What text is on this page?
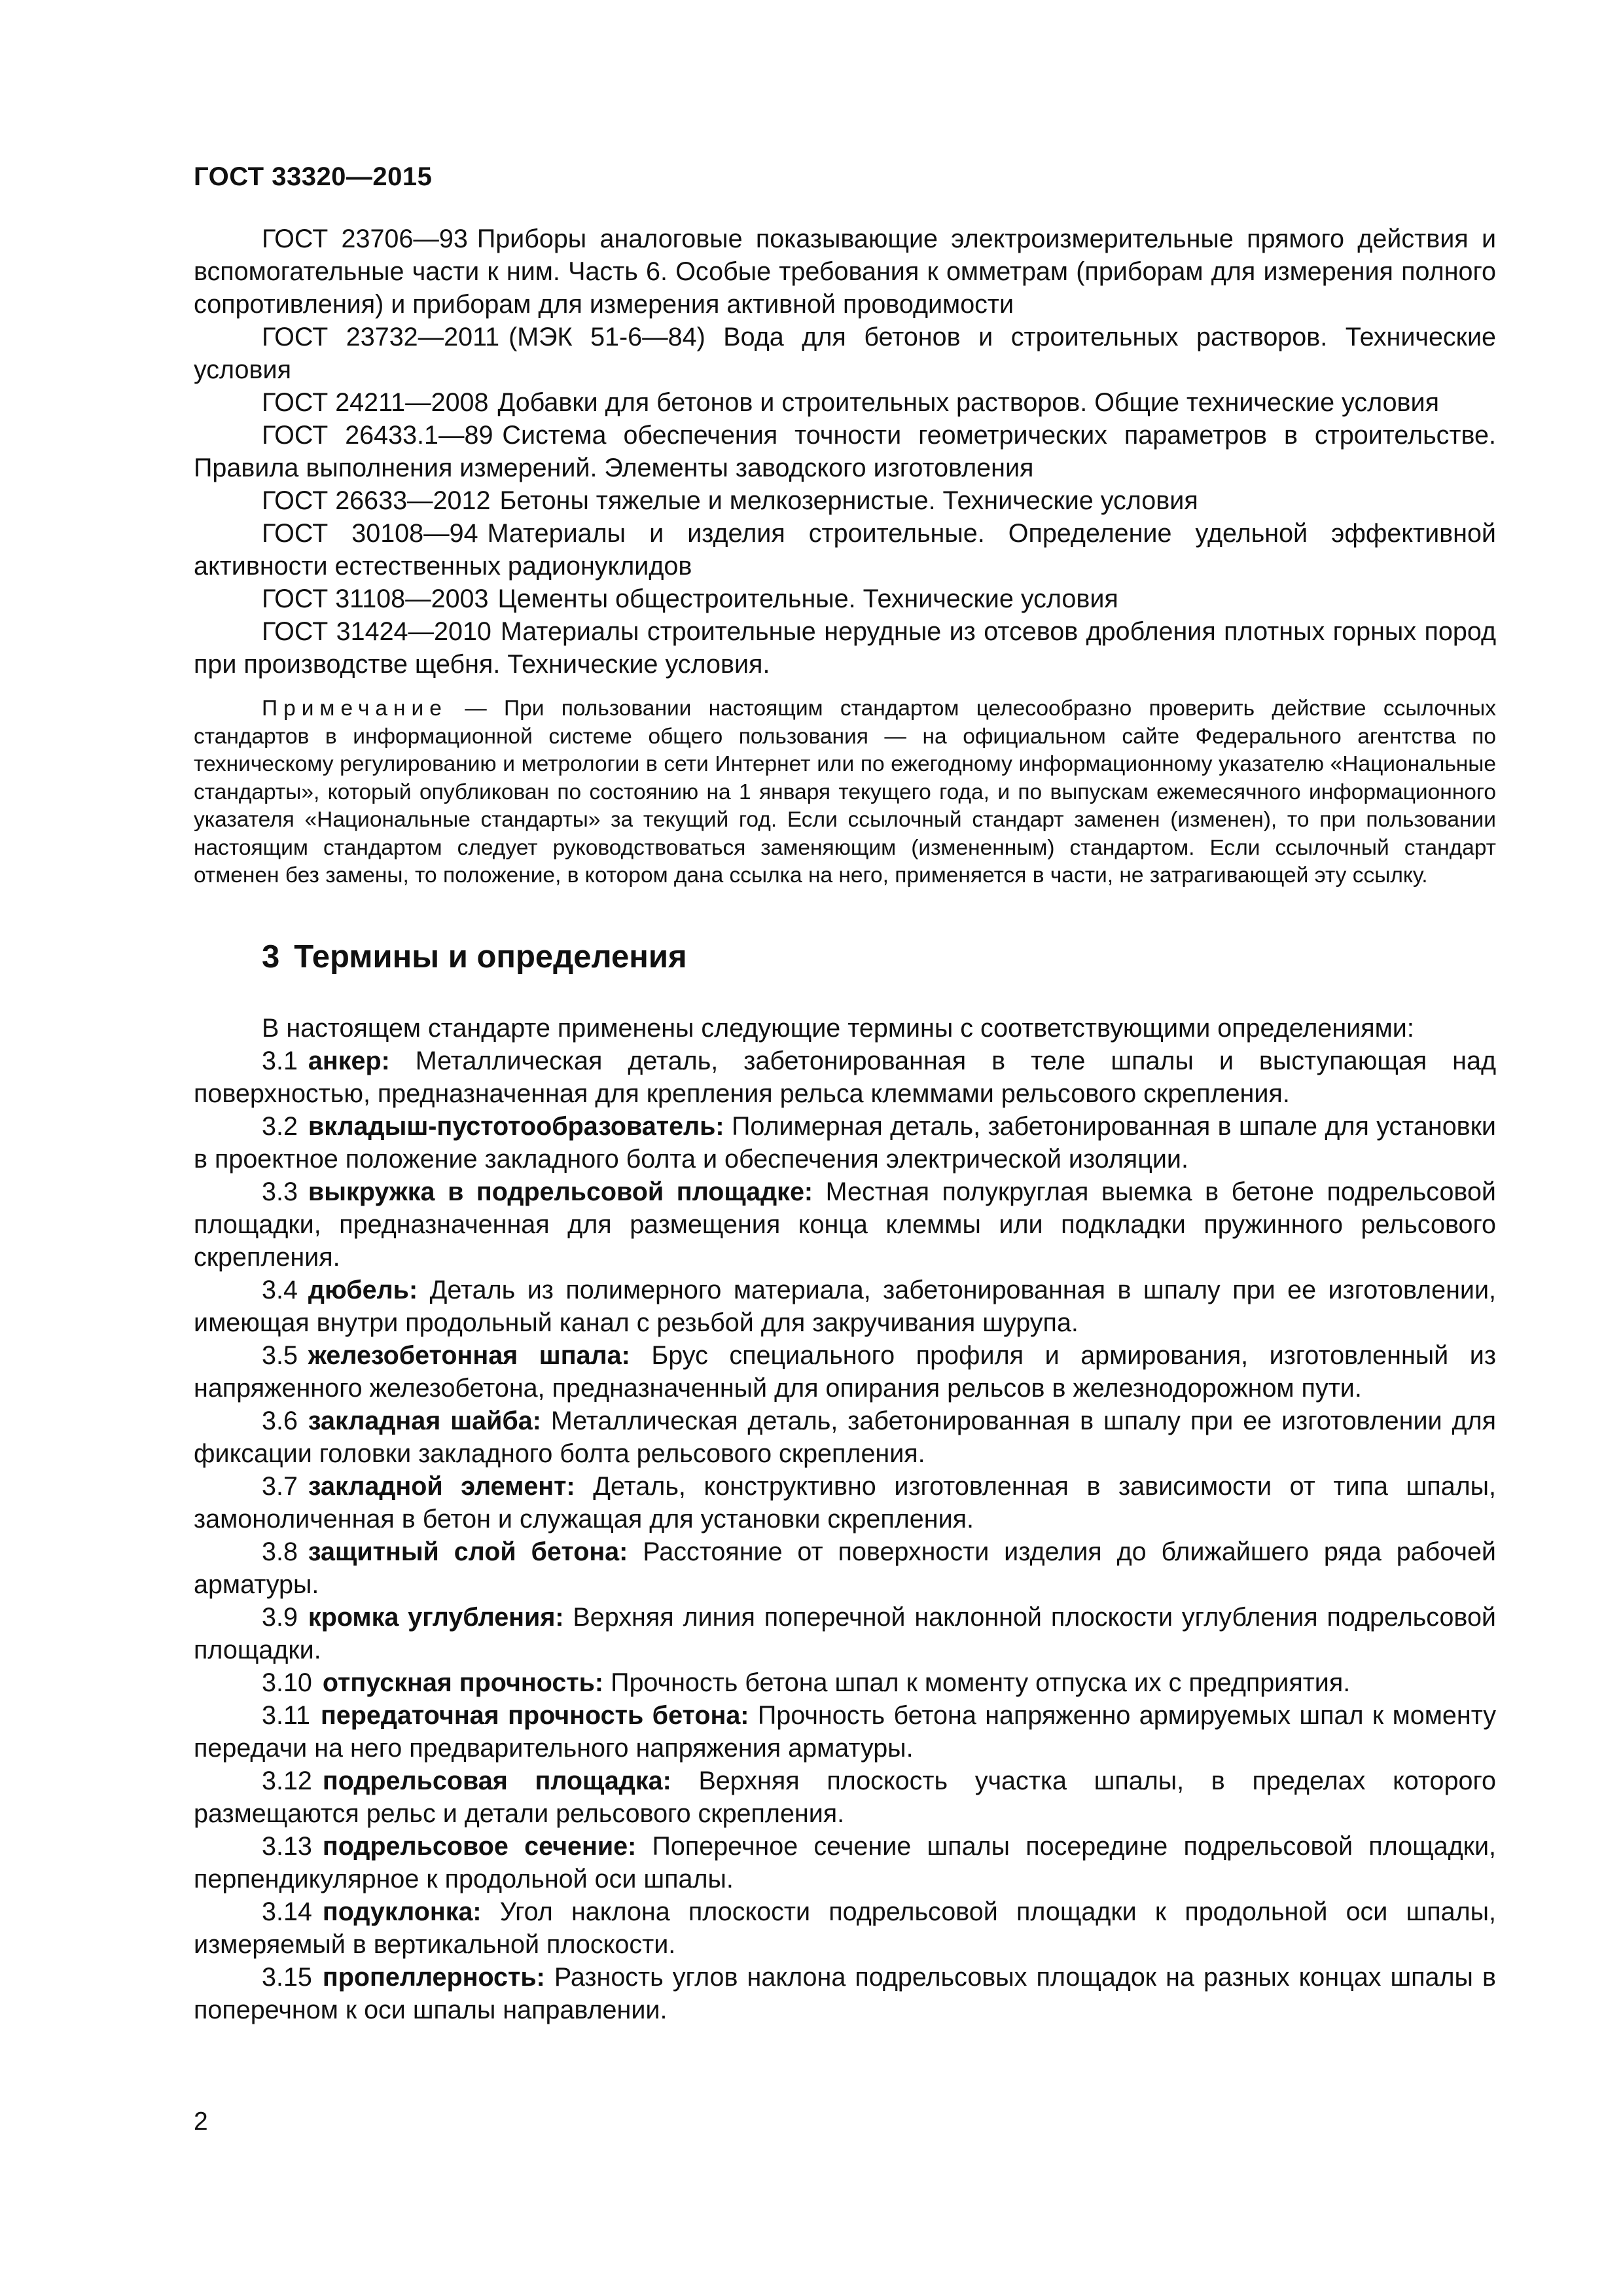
ГОСТ 33320—2015

ГОСТ 23706—93 Приборы аналоговые показывающие электроизмерительные прямого действия и вспомогательные части к ним. Часть 6. Особые требования к омметрам (приборам для измерения полного сопротивления) и приборам для измерения активной проводимости

ГОСТ 23732—2011 (МЭК 51-6—84) Вода для бетонов и строительных растворов. Технические условия

ГОСТ 24211—2008 Добавки для бетонов и строительных растворов. Общие технические условия

ГОСТ 26433.1—89 Система обеспечения точности геометрических параметров в строительстве. Правила выполнения измерений. Элементы заводского изготовления

ГОСТ 26633—2012 Бетоны тяжелые и мелкозернистые. Технические условия

ГОСТ 30108—94 Материалы и изделия строительные. Определение удельной эффективной активности естественных радионуклидов

ГОСТ 31108—2003 Цементы общестроительные. Технические условия

ГОСТ 31424—2010 Материалы строительные нерудные из отсевов дробления плотных горных пород при производстве щебня. Технические условия.

Примечание — При пользовании настоящим стандартом целесообразно проверить действие ссылочных стандартов в информационной системе общего пользования — на официальном сайте Федерального агентства по техническому регулированию и метрологии в сети Интернет или по ежегодному информационному указателю «Национальные стандарты», который опубликован по состоянию на 1 января текущего года, и по выпускам ежемесячного информационного указателя «Национальные стандарты» за текущий год. Если ссылочный стандарт заменен (изменен), то при пользовании настоящим стандартом следует руководствоваться заменяющим (измененным) стандартом. Если ссылочный стандарт отменен без замены, то положение, в котором дана ссылка на него, применяется в части, не затрагивающей эту ссылку.

3 Термины и определения

В настоящем стандарте применены следующие термины с соответствующими определениями:

3.1 анкер: Металлическая деталь, забетонированная в теле шпалы и выступающая над поверхностью, предназначенная для крепления рельса клеммами рельсового скрепления.

3.2 вкладыш-пустотообразователь: Полимерная деталь, забетонированная в шпале для установки в проектное положение закладного болта и обеспечения электрической изоляции.

3.3 выкружка в подрельсовой площадке: Местная полукруглая выемка в бетоне подрельсовой площадки, предназначенная для размещения конца клеммы или подкладки пружинного рельсового скрепления.

3.4 дюбель: Деталь из полимерного материала, забетонированная в шпалу при ее изготовлении, имеющая внутри продольный канал с резьбой для закручивания шурупа.

3.5 железобетонная шпала: Брус специального профиля и армирования, изготовленный из напряженного железобетона, предназначенный для опирания рельсов в железнодорожном пути.

3.6 закладная шайба: Металлическая деталь, забетонированная в шпалу при ее изготовлении для фиксации головки закладного болта рельсового скрепления.

3.7 закладной элемент: Деталь, конструктивно изготовленная в зависимости от типа шпалы, замоноличенная в бетон и служащая для установки скрепления.

3.8 защитный слой бетона: Расстояние от поверхности изделия до ближайшего ряда рабочей арматуры.

3.9 кромка углубления: Верхняя линия поперечной наклонной плоскости углубления подрельсовой площадки.

3.10 отпускная прочность: Прочность бетона шпал к моменту отпуска их с предприятия.

3.11 передаточная прочность бетона: Прочность бетона напряженно армируемых шпал к моменту передачи на него предварительного напряжения арматуры.

3.12 подрельсовая площадка: Верхняя плоскость участка шпалы, в пределах которого размещаются рельс и детали рельсового скрепления.

3.13 подрельсовое сечение: Поперечное сечение шпалы посередине подрельсовой площадки, перпендикулярное к продольной оси шпалы.

3.14 подуклонка: Угол наклона плоскости подрельсовой площадки к продольной оси шпалы, измеряемый в вертикальной плоскости.

3.15 пропеллерность: Разность углов наклона подрельсовых площадок на разных концах шпалы в поперечном к оси шпалы направлении.

2
